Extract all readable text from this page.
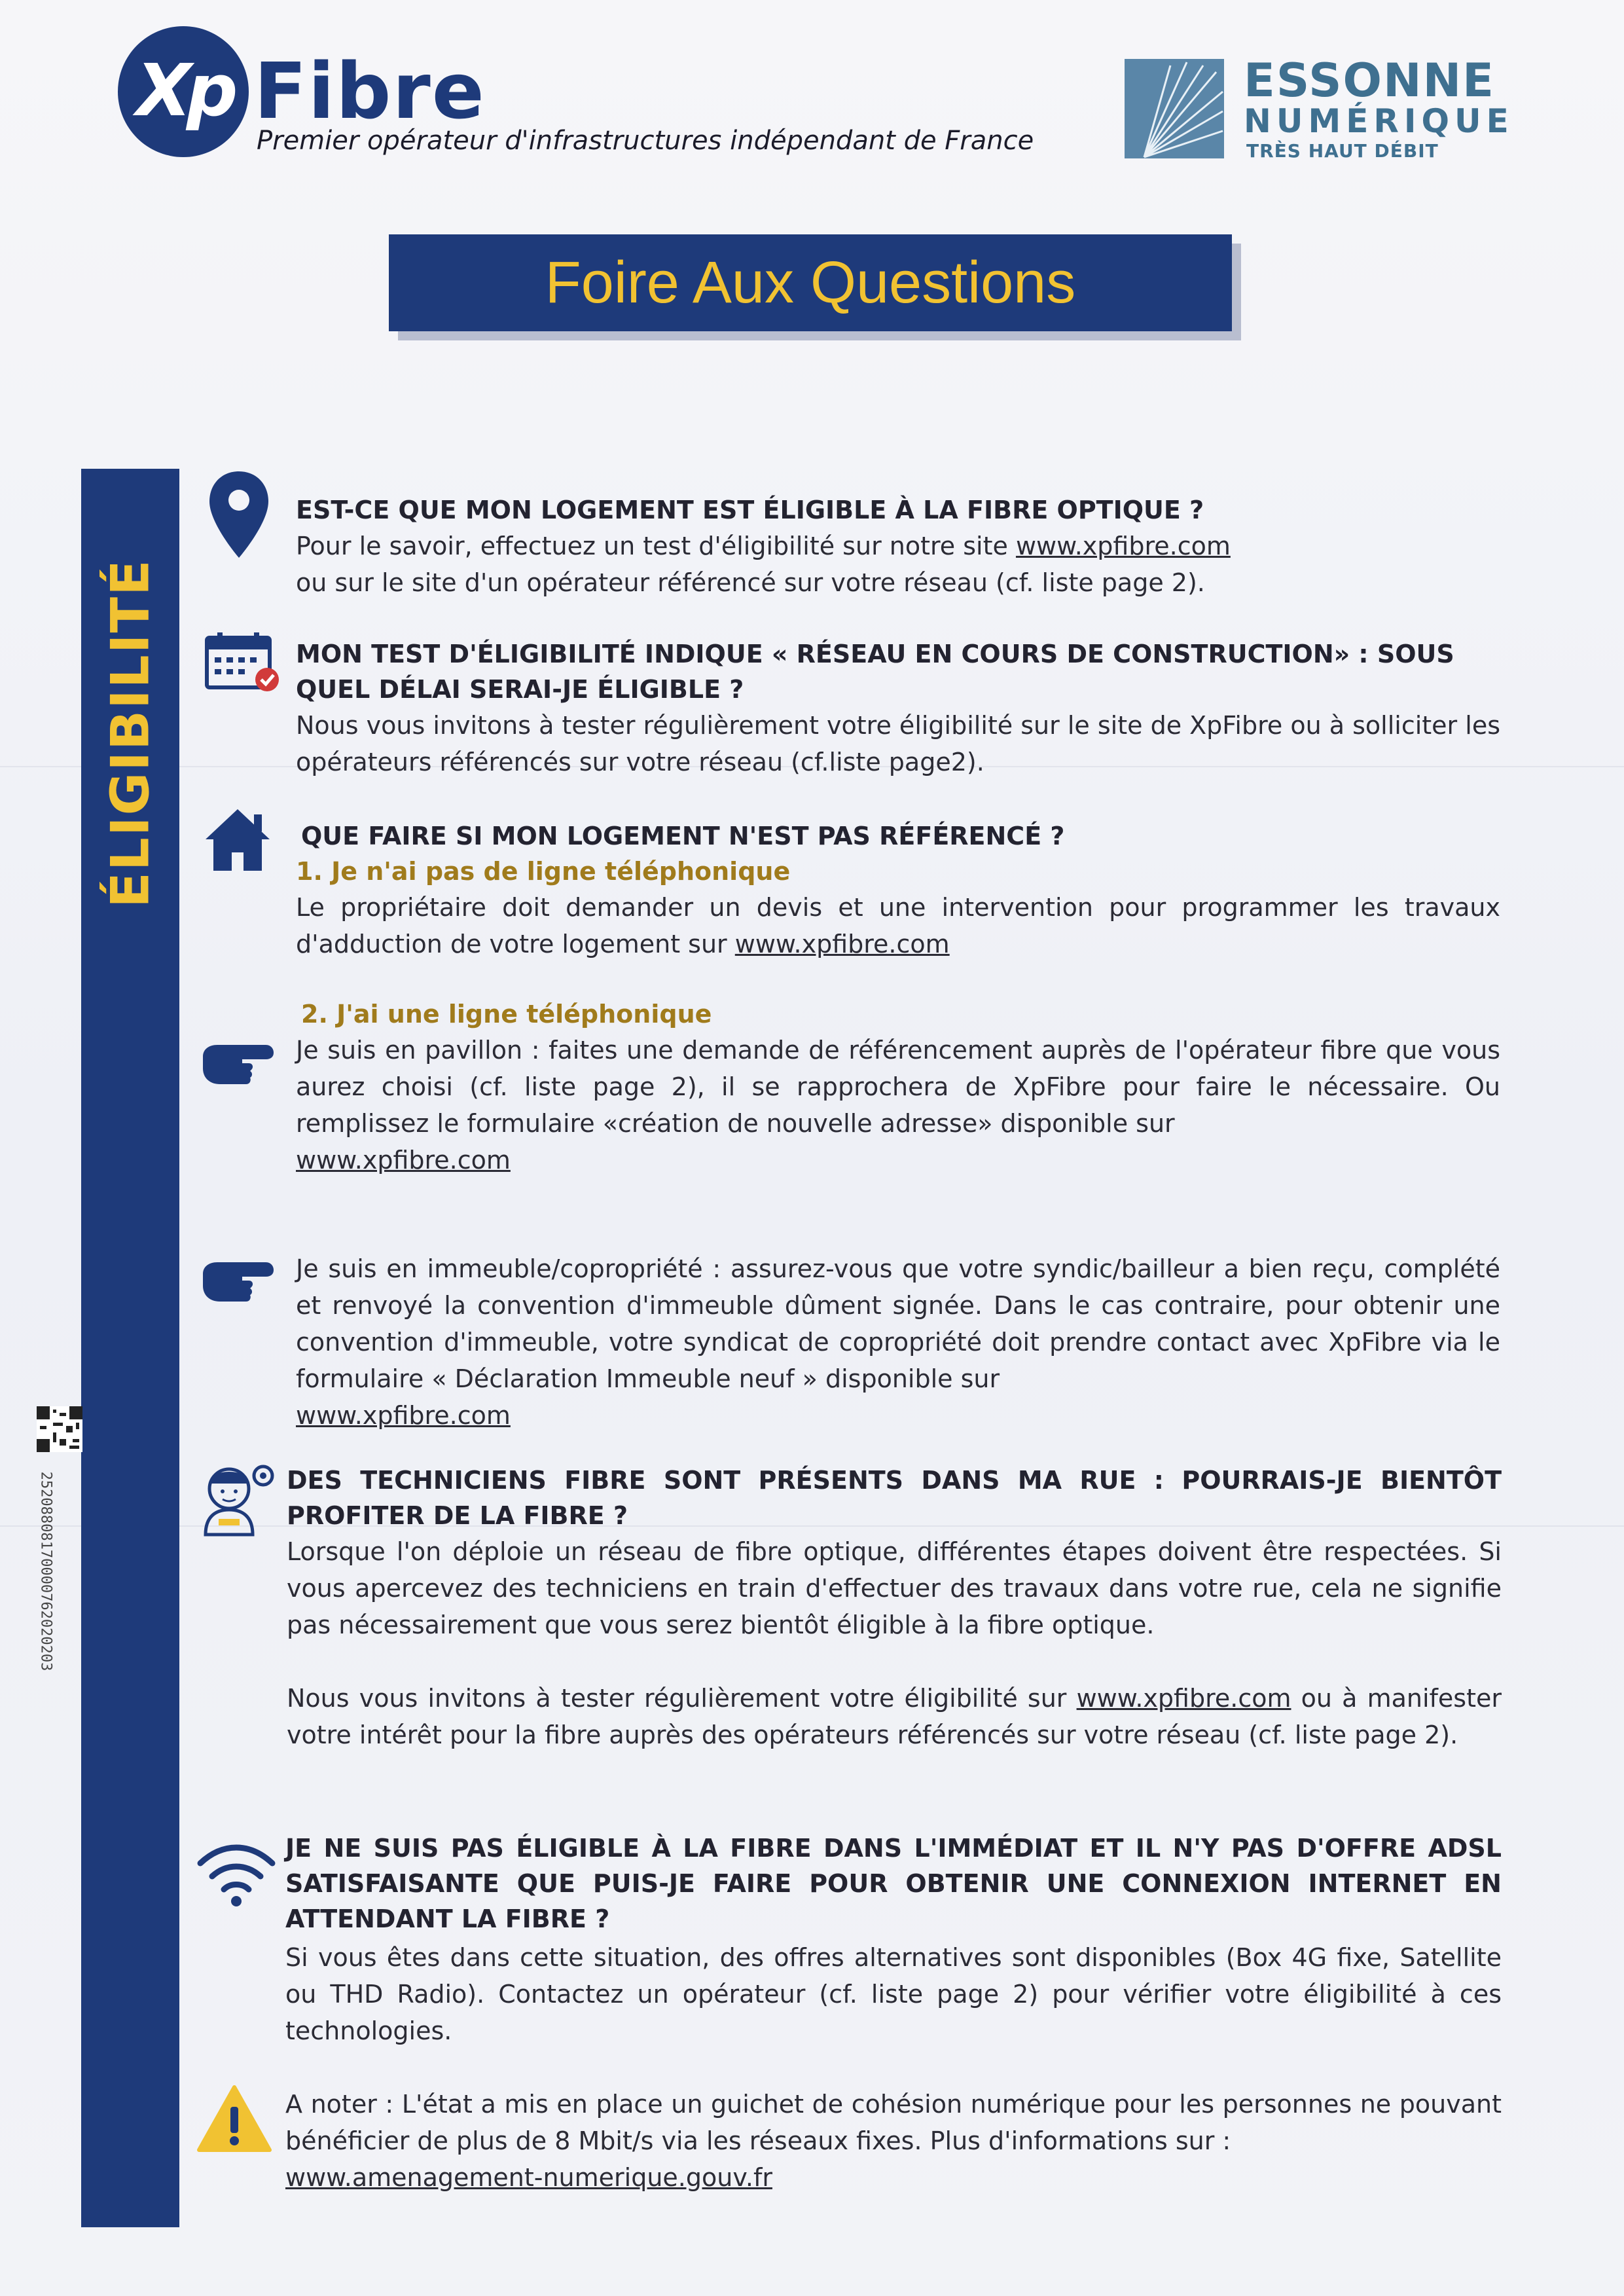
Xp Fibre
Premier opérateur d'infrastructures indépendant de France
ESSONNE
NUMÉRIQUE
TRÈS HAUT DÉBIT
Foire Aux Questions
ÉLIGIBILITÉ
25208808170000762020203
EST-CE QUE MON LOGEMENT EST ÉLIGIBLE À LA FIBRE OPTIQUE ?
Pour le savoir, effectuez un test d'éligibilité sur notre site www.xpfibre.com
ou sur le site d'un opérateur référencé sur votre réseau (cf. liste page 2).
MON TEST D'ÉLIGIBILITÉ INDIQUE « RÉSEAU EN COURS DE CONSTRUCTION» : SOUS QUEL DÉLAI SERAI-JE ÉLIGIBLE ?
Nous vous invitons à tester régulièrement votre éligibilité sur le site de XpFibre ou à solliciter les opérateurs référencés sur votre réseau (cf.liste page2).
QUE FAIRE SI MON LOGEMENT N'EST PAS RÉFÉRENCÉ ?
1. Je n'ai pas de ligne téléphonique
Le propriétaire doit demander un devis et une intervention pour programmer les travaux d'adduction de votre logement sur www.xpfibre.com
2. J'ai une ligne téléphonique
Je suis en pavillon : faites une demande de référencement auprès de l'opérateur fibre que vous aurez choisi (cf. liste page 2), il se rapprochera de XpFibre pour faire le nécessaire. Ou remplissez le formulaire «création de nouvelle adresse» disponible sur
www.xpfibre.com
Je suis en immeuble/copropriété : assurez-vous que votre syndic/bailleur a bien reçu, complété et renvoyé la convention d'immeuble dûment signée. Dans le cas contraire, pour obtenir une convention d'immeuble, votre syndicat de copropriété doit prendre contact avec XpFibre via le formulaire « Déclaration Immeuble neuf » disponible sur
www.xpfibre.com
DES TECHNICIENS FIBRE SONT PRÉSENTS DANS MA RUE : POURRAIS-JE BIENTÔT PROFITER DE LA FIBRE ?
Lorsque l'on déploie un réseau de fibre optique, différentes étapes doivent être respectées. Si vous apercevez des techniciens en train d'effectuer des travaux dans votre rue, cela ne signifie pas nécessairement que vous serez bientôt éligible à la fibre optique.
Nous vous invitons à tester régulièrement votre éligibilité sur www.xpfibre.com ou à manifester votre intérêt pour la fibre auprès des opérateurs référencés sur votre réseau (cf. liste page 2).
JE NE SUIS PAS ÉLIGIBLE À LA FIBRE DANS L'IMMÉDIAT ET IL N'Y PAS D'OFFRE ADSL SATISFAISANTE QUE PUIS-JE FAIRE POUR OBTENIR UNE CONNEXION INTERNET EN ATTENDANT LA FIBRE ?
Si vous êtes dans cette situation, des offres alternatives sont disponibles (Box 4G fixe, Satellite ou THD Radio). Contactez un opérateur (cf. liste page 2) pour vérifier votre éligibilité à ces technologies.
A noter : L'état a mis en place un guichet de cohésion numérique pour les personnes ne pouvant bénéficier de plus de 8 Mbit/s via les réseaux fixes. Plus d'informations sur :
www.amenagement-numerique.gouv.fr
